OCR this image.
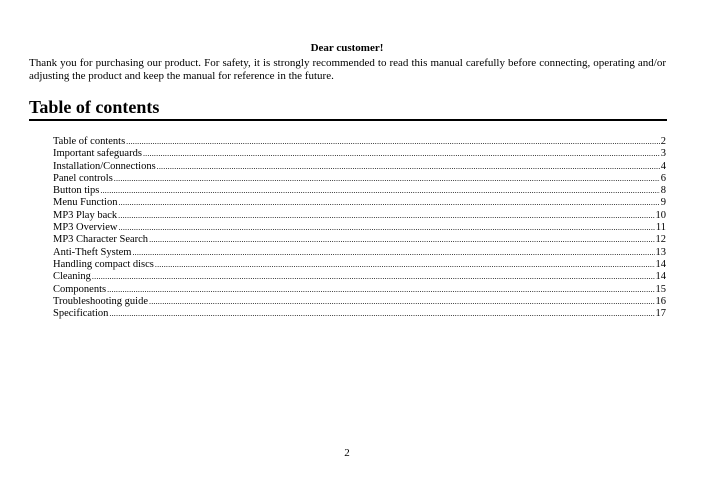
Dear customer!
Thank you for purchasing our product. For safety, it is strongly recommended to read this manual carefully before connecting, operating and/or adjusting the product and keep the manual for reference in the future.
Table of contents
Table of contents .....	2
Important safeguards .....	3
Installation/Connections .....	4
Panel controls .....	6
Button tips .....	8
Menu Function .....	9
MP3 Play back .....	10
MP3 Overview .....	11
MP3 Character Search .....	12
Anti-Theft System .....	13
Handling compact discs .....	14
Cleaning .....	14
Components .....	15
Troubleshooting guide .....	16
Specification .....	17
2
